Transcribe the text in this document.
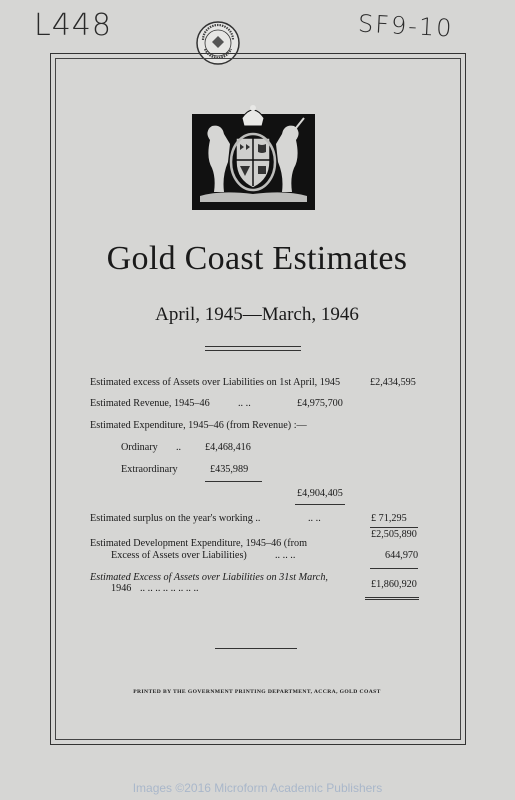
L448	SF9-10
Gold Coast Estimates
April, 1945—March, 1946
Estimated excess of Assets over Liabilities on 1st April, 1945	£2,434,595
Estimated Revenue, 1945–46	.. ..	£4,975,700
Estimated Expenditure, 1945–46 (from Revenue) :—
Ordinary .. £4,468,416
Extraordinary	£435,989
£4,904,405
Estimated surplus on the year's working ..	.. ..	£ 71,295
£2,505,890
Estimated Development Expenditure, 1945–46 (from
Excess of Assets over Liabilities)	.. .. ..	644,970
Estimated Excess of Assets over Liabilities on 31st March,
1946 .. .. .. .. .. .. .. ..	£1,860,920
PRINTED BY THE GOVERNMENT PRINTING DEPARTMENT, ACCRA, GOLD COAST
Images ©2016 Microform Academic Publishers
